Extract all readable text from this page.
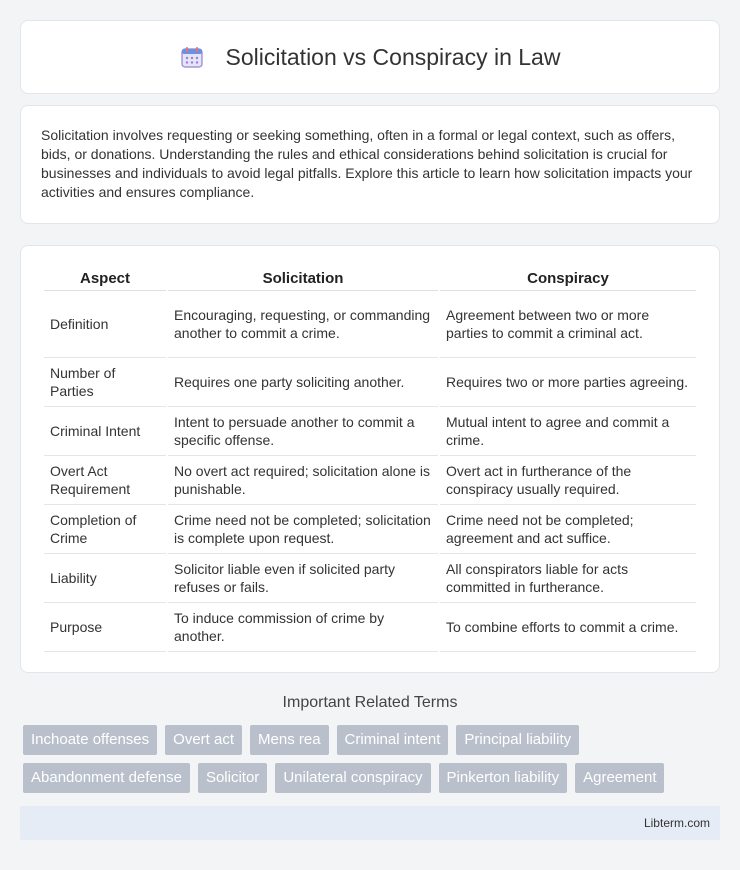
Solicitation vs Conspiracy in Law

Solicitation involves requesting or seeking something, often in a formal or legal context, such as offers, bids, or donations. Understanding the rules and ethical considerations behind solicitation is crucial for businesses and individuals to avoid legal pitfalls. Explore this article to learn how solicitation impacts your activities and ensures compliance.

Aspect	Solicitation	Conspiracy
Definition	Encouraging, requesting, or commanding another to commit a crime.	Agreement between two or more parties to commit a criminal act.
Number of Parties	Requires one party soliciting another.	Requires two or more parties agreeing.
Criminal Intent	Intent to persuade another to commit a specific offense.	Mutual intent to agree and commit a crime.
Overt Act Requirement	No overt act required; solicitation alone is punishable.	Overt act in furtherance of the conspiracy usually required.
Completion of Crime	Crime need not be completed; solicitation is complete upon request.	Crime need not be completed; agreement and act suffice.
Liability	Solicitor liable even if solicited party refuses or fails.	All conspirators liable for acts committed in furtherance.
Purpose	To induce commission of crime by another.	To combine efforts to commit a crime.
Important Related Terms
Inchoate offenses	Overt act	Mens rea	Criminal intent	Principal liability
Abandonment defense	Solicitor	Unilateral conspiracy	Pinkerton liability	Agreement
Libterm.com
